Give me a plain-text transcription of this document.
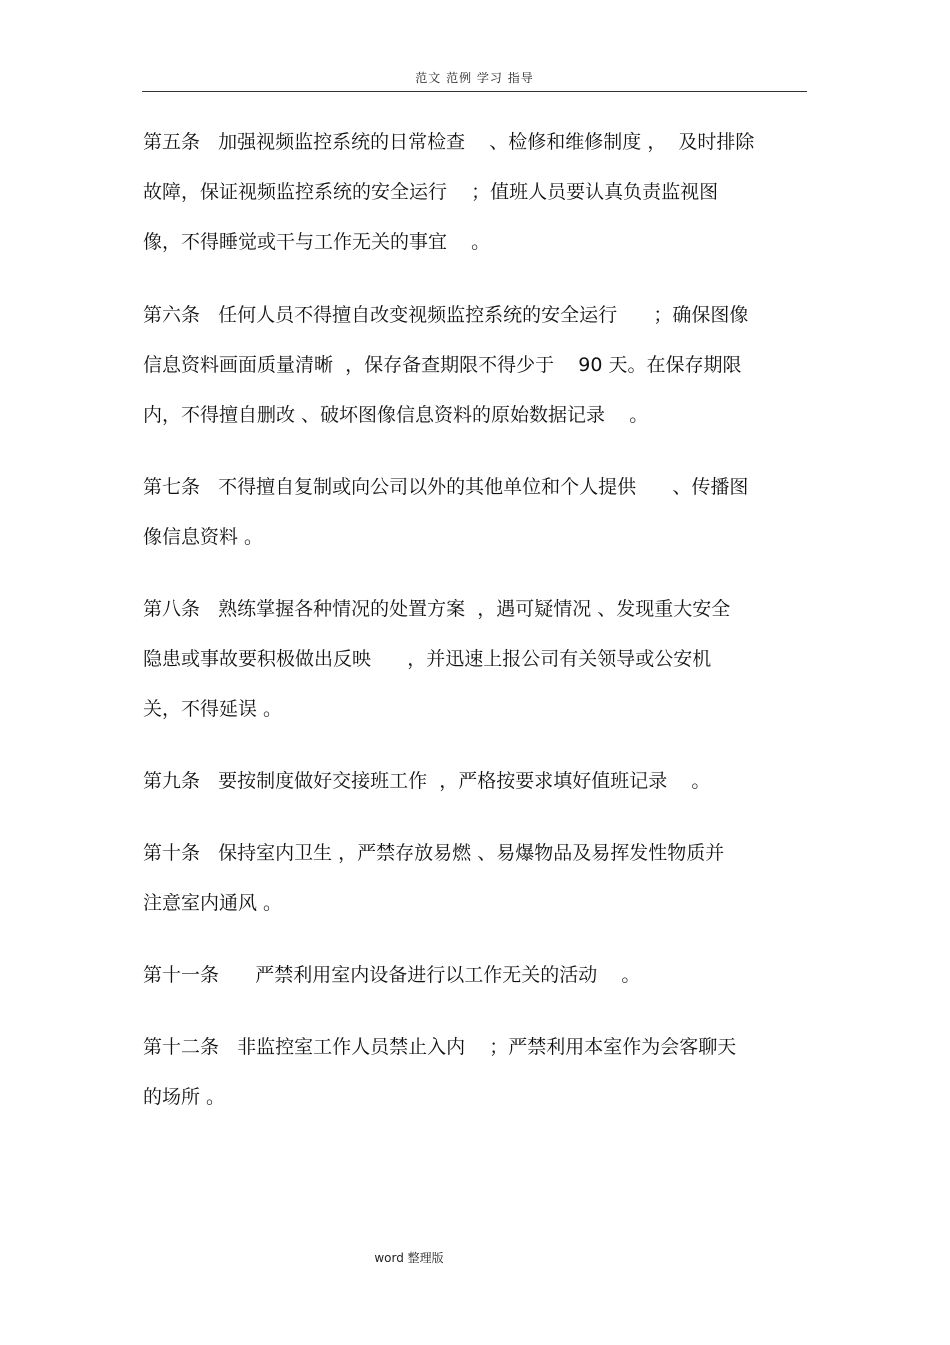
范文 范例 学习 指导
第五条   加强视频监控系统的日常检查    、检修和维修制度 ，  及时排除
故障，保证视频监控系统的安全运行    ；值班人员要认真负责监视图
像，不得睡觉或干与工作无关的事宜    。
第六条   任何人员不得擅自改变视频监控系统的安全运行      ；确保图像
信息资料画面质量清晰  ，保存备查期限不得少于    90 天。在保存期限
内，不得擅自删改 、破坏图像信息资料的原始数据记录    。
第七条   不得擅自复制或向公司以外的其他单位和个人提供      、传播图
像信息资料 。
第八条   熟练掌握各种情况的处置方案  ，遇可疑情况 、发现重大安全
隐患或事故要积极做出反映      ，并迅速上报公司有关领导或公安机
关，不得延误 。
第九条   要按制度做好交接班工作  ，严格按要求填好值班记录    。
第十条   保持室内卫生 ，严禁存放易燃 、易爆物品及易挥发性物质并
注意室内通风 。
第十一条      严禁利用室内设备进行以工作无关的活动    。
第十二条   非监控室工作人员禁止入内    ；严禁利用本室作为会客聊天
的场所 。
word 整理版
